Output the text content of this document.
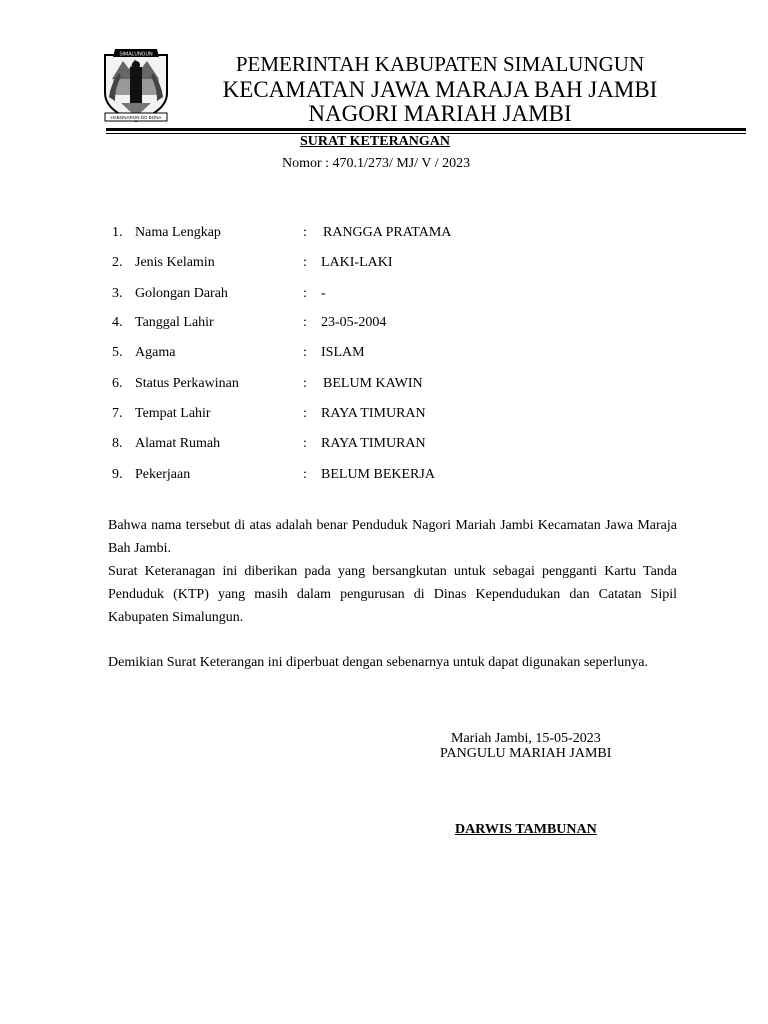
SIMALUNGUN
HABONARON DO BONA
PEMERINTAH KABUPATEN SIMALUNGUN
KECAMATAN JAWA MARAJA BAH JAMBI
NAGORI MARIAH JAMBI
SURAT KETERANGAN
Nomor : 470.1/273/ MJ/ V / 2023
1. Nama Lengkap	: RANGGA PRATAMA
2. Jenis Kelamin	: LAKI-LAKI
3. Golongan Darah	: -
4. Tanggal Lahir	: 23-05-2004
5. Agama	: ISLAM
6. Status Perkawinan	: BELUM KAWIN
7. Tempat Lahir	: RAYA TIMURAN
8. Alamat Rumah	: RAYA TIMURAN
9. Pekerjaan	: BELUM BEKERJA
Bahwa nama tersebut di atas adalah benar Penduduk Nagori Mariah Jambi Kecamatan Jawa Maraja Bah Jambi.
Surat Keteranagan ini diberikan pada yang bersangkutan untuk sebagai pengganti Kartu Tanda Penduduk (KTP) yang masih dalam pengurusan di Dinas Kependudukan dan Catatan Sipil Kabupaten Simalungun.
Demikian Surat Keterangan ini diperbuat dengan sebenarnya untuk dapat digunakan seperlunya.
Mariah Jambi, 15-05-2023
PANGULU MARIAH JAMBI
DARWIS TAMBUNAN
